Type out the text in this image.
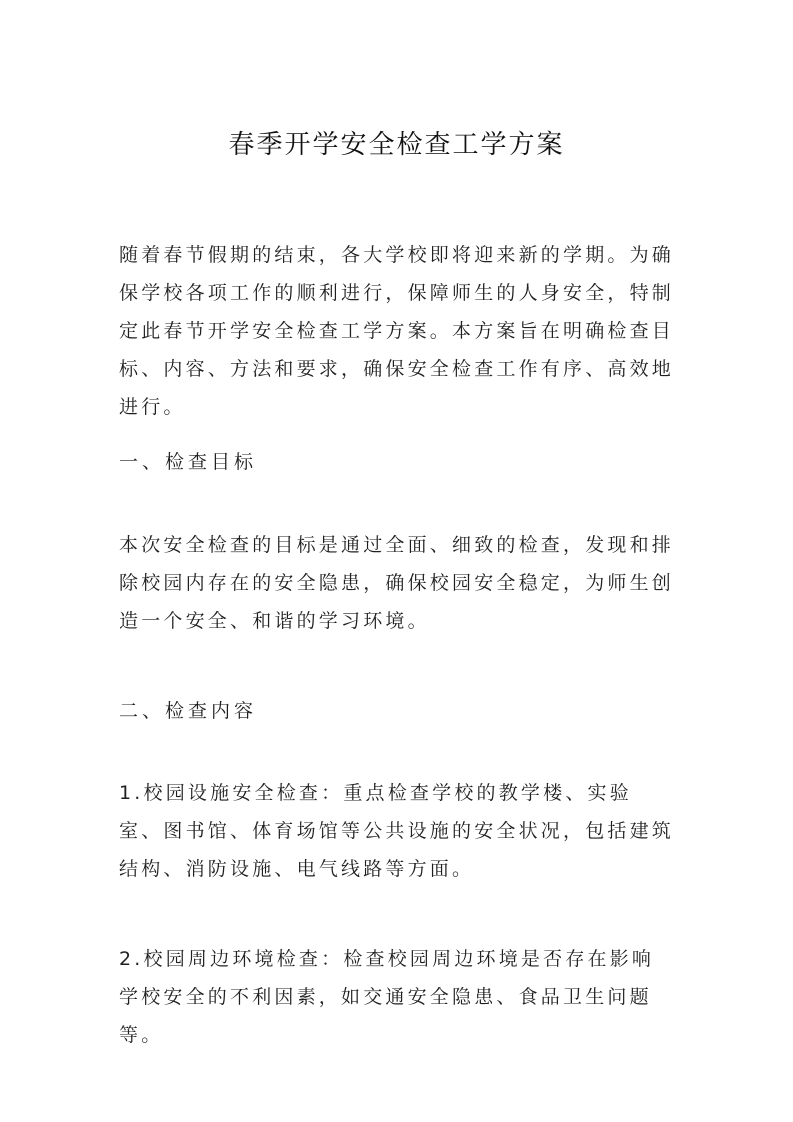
春季开学安全检查工学方案

随着春节假期的结束，各大学校即将迎来新的学期。为确保学校各项工作的顺利进行，保障师生的人身安全，特制定此春节开学安全检查工学方案。本方案旨在明确检查目标、内容、方法和要求，确保安全检查工作有序、高效地进行。

一、检查目标

本次安全检查的目标是通过全面、细致的检查，发现和排除校园内存在的安全隐患，确保校园安全稳定，为师生创造一个安全、和谐的学习环境。

二、检查内容

1.校园设施安全检查：重点检查学校的教学楼、实验室、图书馆、体育场馆等公共设施的安全状况，包括建筑结构、消防设施、电气线路等方面。

2.校园周边环境检查：检查校园周边环境是否存在影响学校安全的不利因素，如交通安全隐患、食品卫生问题等。
